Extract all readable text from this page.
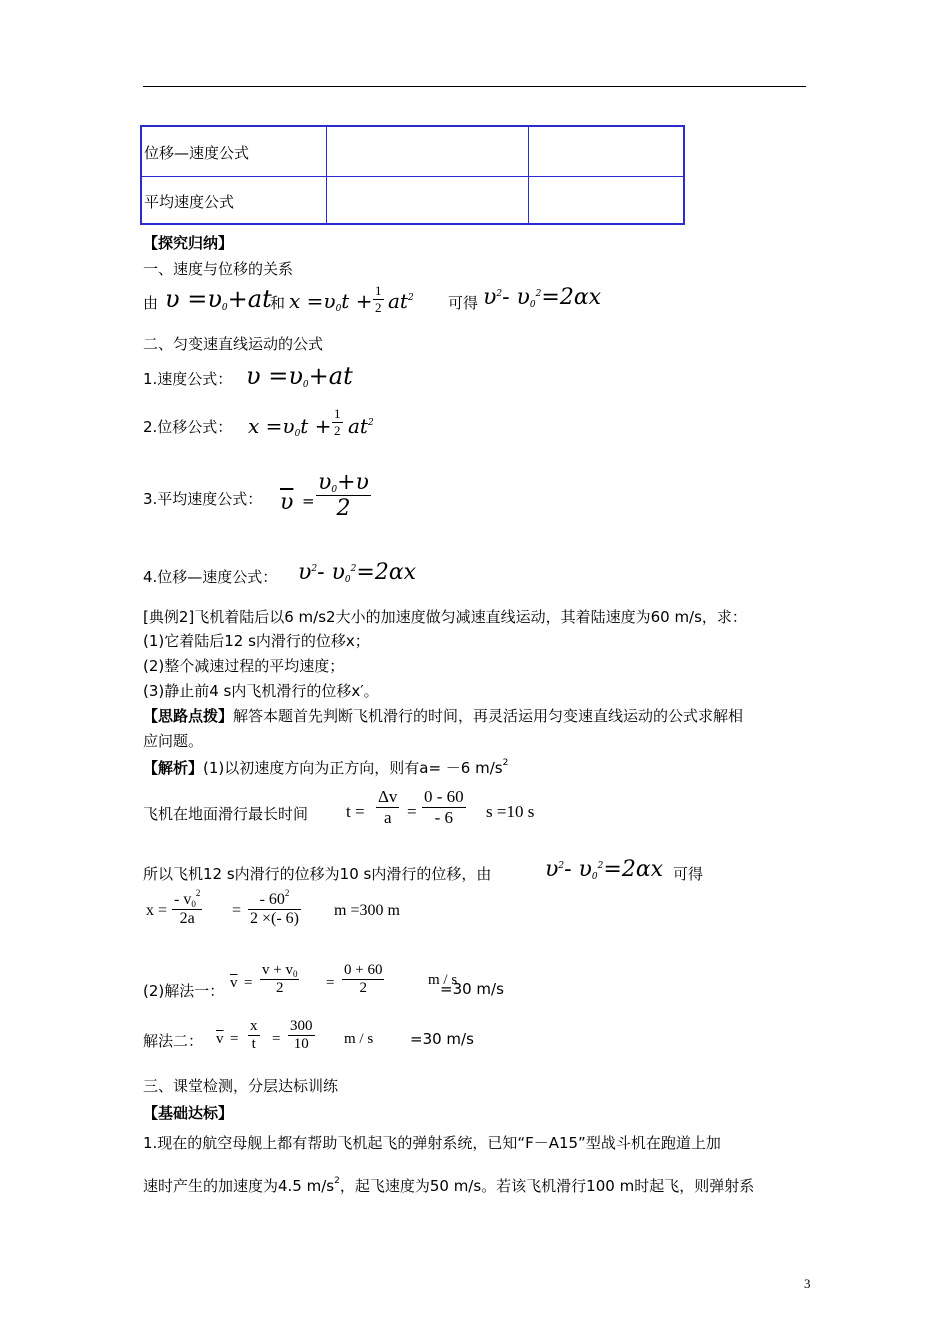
位移—速度公式
平均速度公式
【探究归纳】
一、速度与位移的关系
由 $\upsilon =\upsilon_0+at$
和 $x =\upsilon_0t + \frac{1}{2} at^2$ 可得 $\upsilon^2-$ $\upsilon_0^2=2\alpha x$
二、匀变速直线运动的公式
1.速度公式： $\upsilon =\upsilon_0+at$
2.位移公式： $x =\upsilon_0t + \frac{1}{2} at^2$
3.平均速度公式： $\overline{\upsilon} = \frac{\upsilon_0+\upsilon}{2}$
4.位移—速度公式： $\upsilon^2-$ $\upsilon_0^2=2\alpha x$
[典例2]飞机着陆后以6 m/s2大小的加速度做匀减速直线运动，其着陆速度为60 m/s，求：
(1)它着陆后12 s内滑行的位移x；
(2)整个减速过程的平均速度；
(3)静止前4 s内飞机滑行的位移x′。
【思路点拨】解答本题首先判断飞机滑行的时间，再灵活运用匀变速直线运动的公式求解相
应问题。
【解析】(1)以初速度方向为正方向，则有a= －6 $m/s^2$
飞机在地面滑行最长时间 $t = \frac{\Delta v}{a} = \frac{0 - 60}{- 6}$ s =10 s
所以飞机12 s内滑行的位移为10 s内滑行的位移，由 $\upsilon^2-$ $\upsilon_0^2=2\alpha x$ 可得
$x = \frac{- v_0^2}{2a} = \frac{- 60^2}{2 \times(- 6)}$ m =300 m
(2)解法一： $\overline{v} = \frac{v + v_0}{2} = \frac{0 + 60}{2}$	m / s
=30 m/s
解法二： $\overline{v} = \frac{x}{t} = \frac{300}{10}$ m / s =30 m/s
三、课堂检测，分层达标训练
【基础达标】
1.现在的航空母舰上都有帮助飞机起飞的弹射系统，已知“F－A15”型战斗机在跑道上加
速时产生的加速度为4.5 $m/s^2$，起飞速度为50 m/s。若该飞机滑行100 m时起飞，则弹射系
3
